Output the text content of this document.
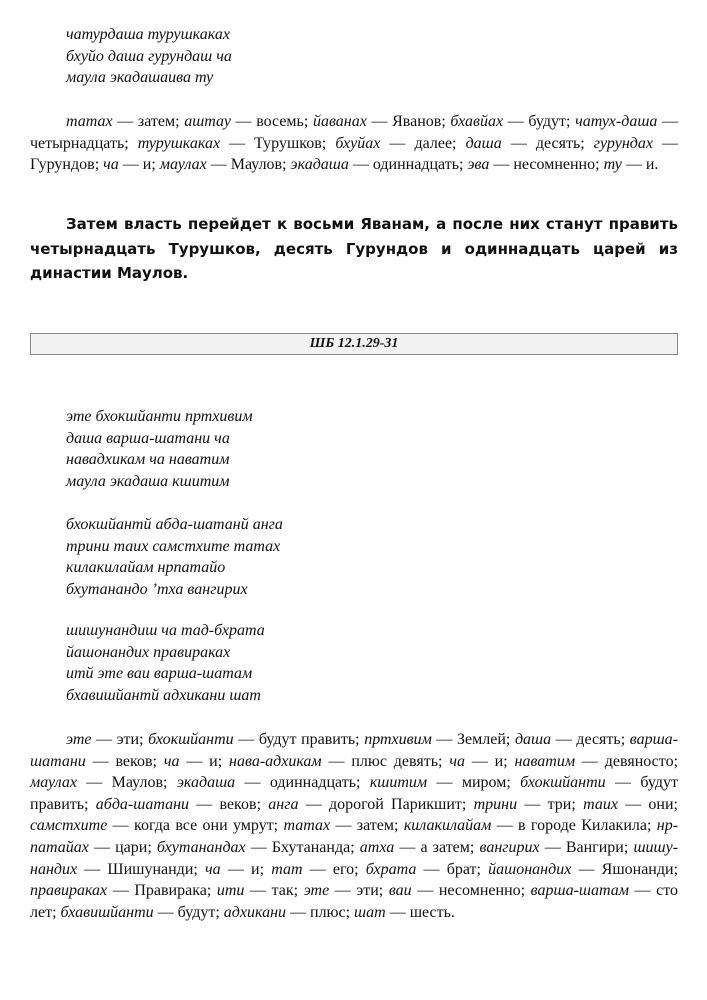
чатурдаша турушкаках
бхуйо даша гурундаш ча
маула экадашаива ту
татах — затем; аштау — восемь; йаванах — Яванов; бхавйах — будут; чатух-даша — четырнадцать; турушкаках — Турушков; бхуйах — далее; даша — десять; гурундах — Гурундов; ча — и; маулах — Маулов; экадаша — одиннадцать; эва — несомненно; ту — и.
Затем власть перейдет к восьми Яванам, а после них станут править четырнадцать Турушков, десять Гурундов и одиннадцать царей из династии Маулов.
ШБ 12.1.29-31
эте бхокшйанти пртхивим
даша варша-шатани ча
навадхикам ча наватим
маула экадаша кшитим
бхокшйантй абда-шатанй анга
трини таих самстхите татах
килакилайам нрпатайо
бхутанандо ’тха вангирих
шишунандиш ча тад-бхрата
йашонандих правираках
итй эте ваи варша-шатам
бхавишйантй адхикани шат
эте — эти; бхокшйанти — будут править; пртхивим — Землей; даша — десять; варша-шатани — веков; ча — и; нава-адхикам — плюс девять; ча — и; наватим — девяносто; маулах — Маулов; экадаша — одиннадцать; кшитим — миром; бхокшйанти — будут править; абда-шатани — веков; анга — дорогой Парикшит; трини — три; таих — они; самстхите — когда все они умрут; татах — затем; килакилайам — в городе Килакила; нр-патайах — цари; бхутанандах — Бхутананда; атха — а затем; вангирих — Вангири; шишунандих — Шишунанди; ча — и; тат — его; бхрата — брат; йашонандих — Яшонанди; правираках — Правирака; ити — так; эте — эти; ваи — несомненно; варша-шатам — сто лет; бхавишйанти — будут; адхикани — плюс; шат — шесть.
